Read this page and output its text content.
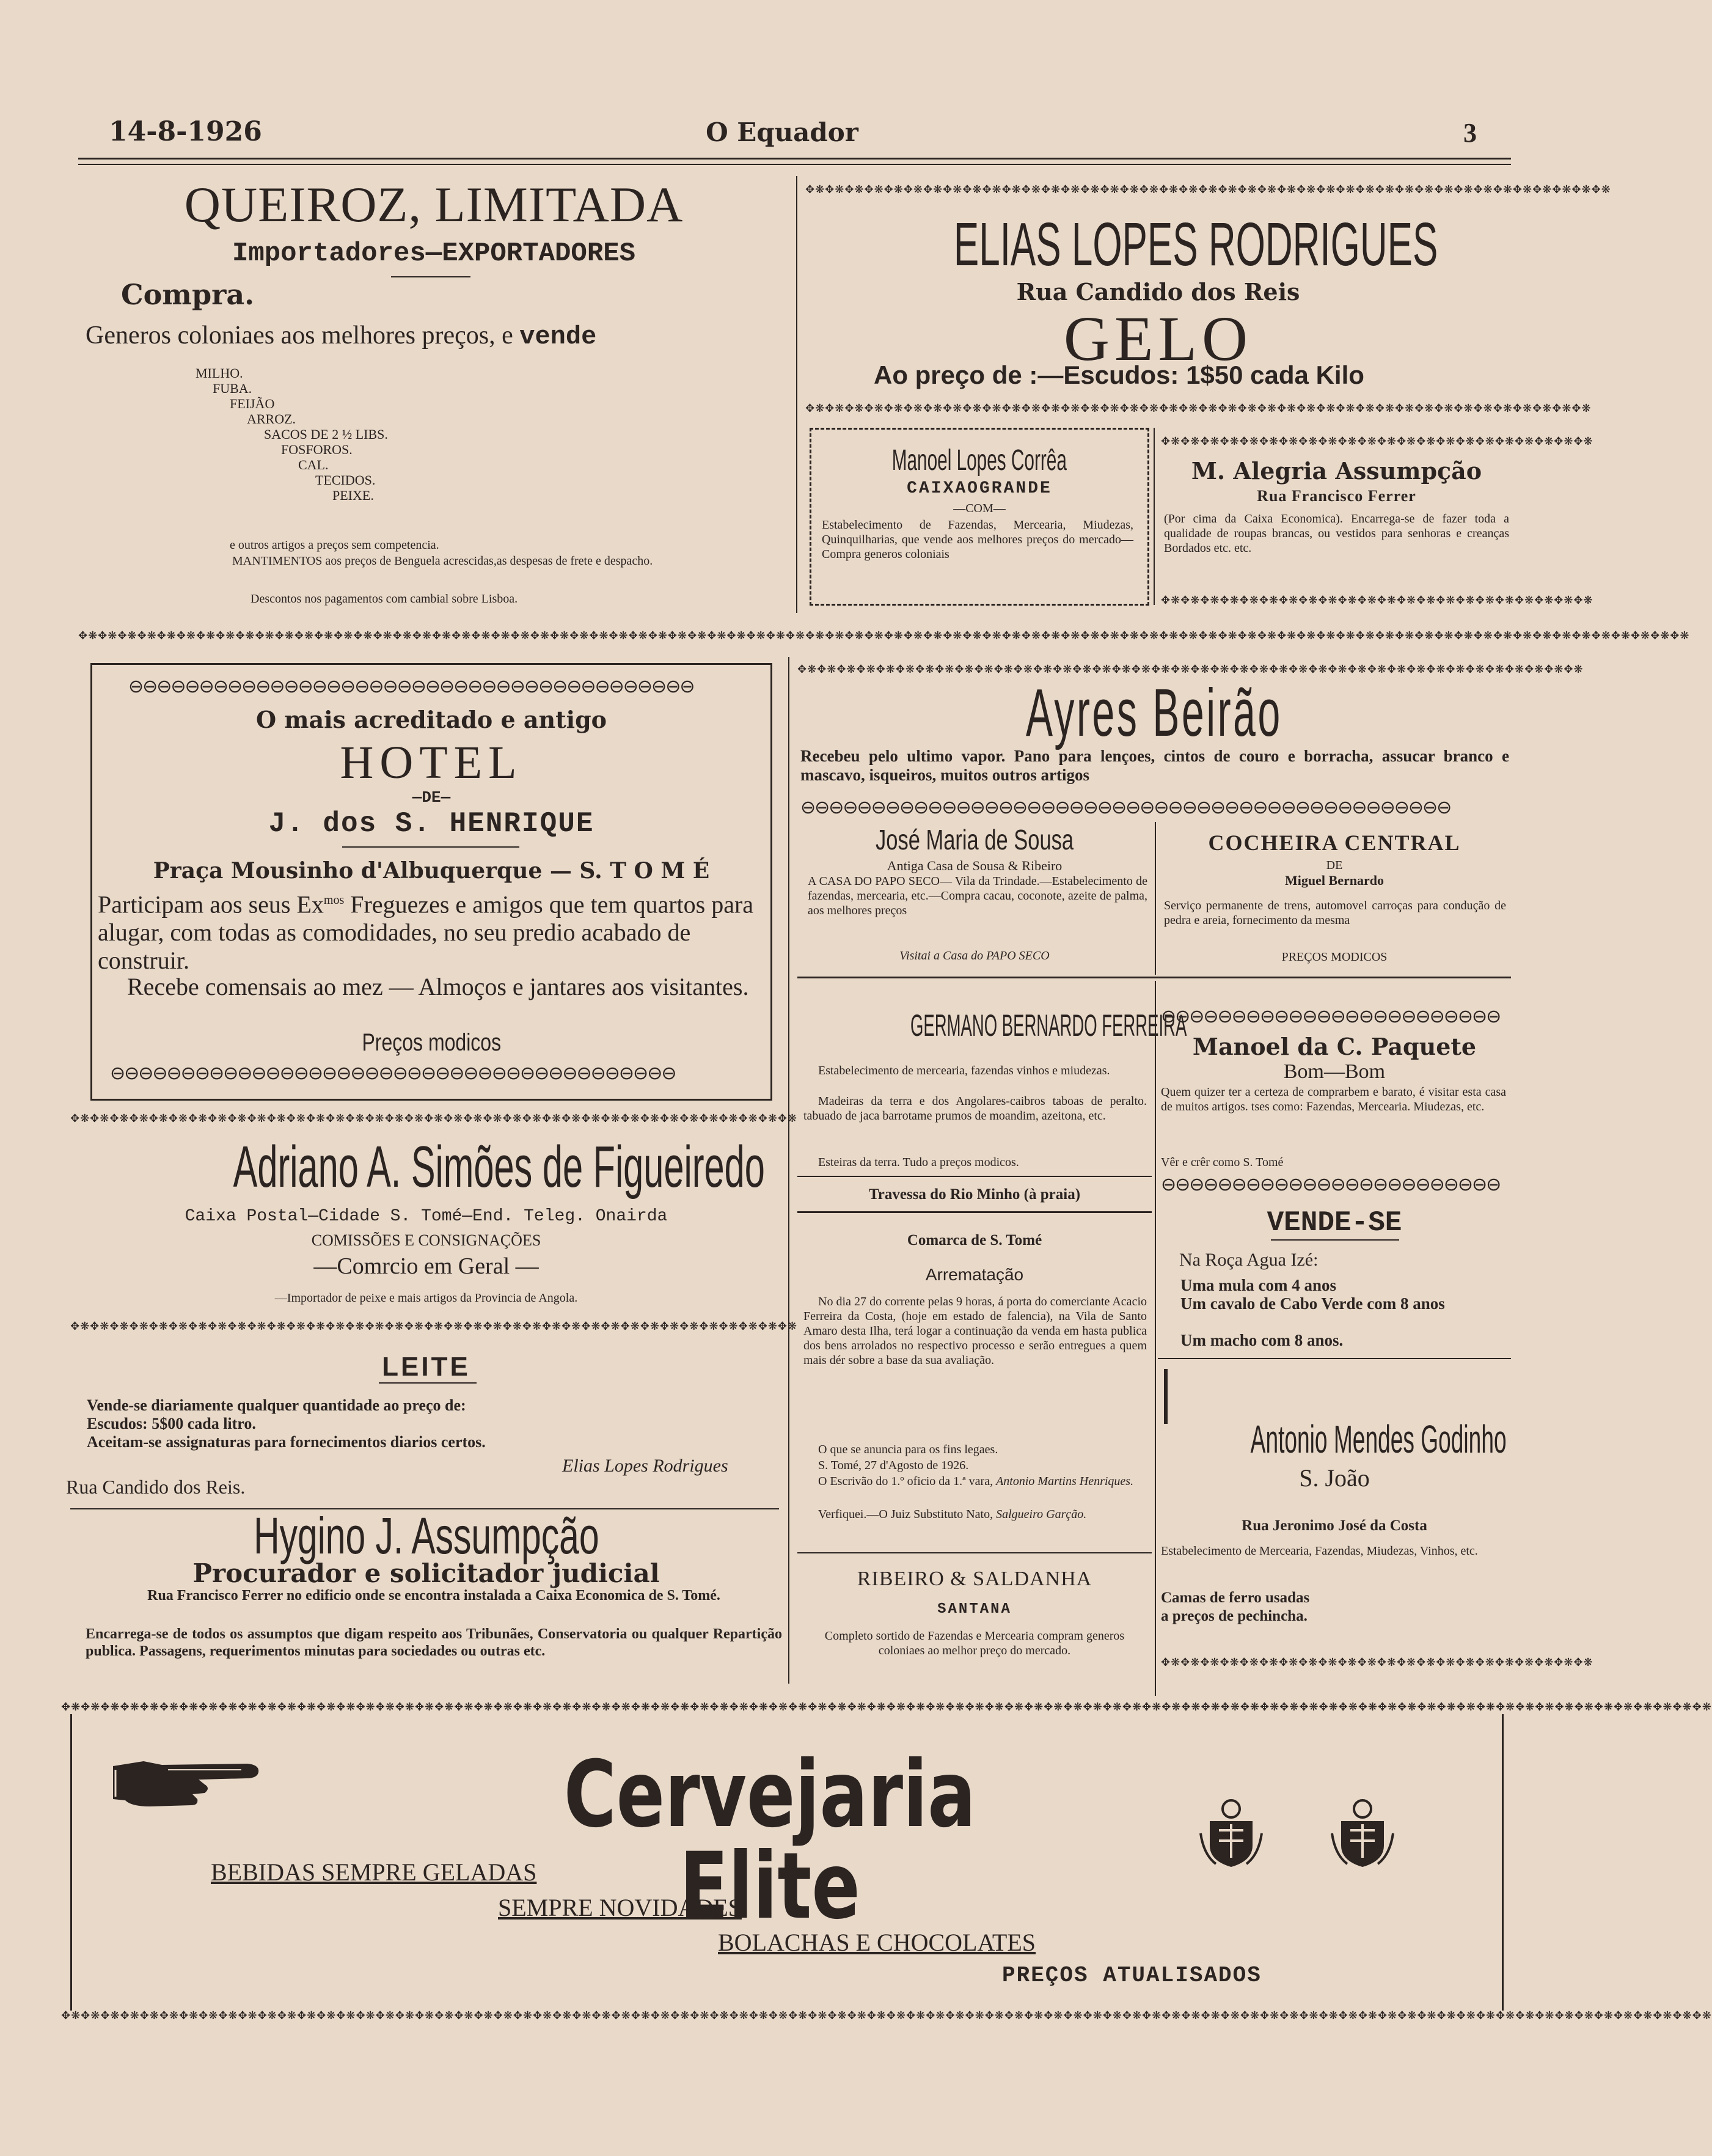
14-8-1926	O Equador	3
QUEIROZ, LIMITADA
Importadores—EXPORTADORES
Compra.
Generos coloniaes aos melhores preços, e vende
MILHO.
FUBA.
FEIJÃO
ARROZ.
SACOS DE 2 ½ LIBS.
FOSFOROS.
CAL.
TECIDOS.
PEIXE.
e outros artigos a preços sem competencia.
MANTIMENTOS aos preços de Benguela acrescidas,as despesas de frete e despacho.
Descontos nos pagamentos com cambial sobre Lisboa.
✥❋✥❋✥❋✥❋✥❋✥❋✥❋✥❋✥❋✥❋✥❋✥❋✥❋✥❋✥❋✥❋✥❋✥❋✥❋✥❋✥❋✥❋✥❋✥❋✥❋✥❋✥❋✥❋✥❋✥❋✥❋✥❋✥❋✥❋✥❋✥❋✥❋✥❋✥❋✥❋✥❋
ELIAS LOPES RODRIGUES
Rua Candido dos Reis
GELO
Ao preço de :—Escudos: 1$50 cada Kilo
✥❋✥❋✥❋✥❋✥❋✥❋✥❋✥❋✥❋✥❋✥❋✥❋✥❋✥❋✥❋✥❋✥❋✥❋✥❋✥❋✥❋✥❋✥❋✥❋✥❋✥❋✥❋✥❋✥❋✥❋✥❋✥❋✥❋✥❋✥❋✥❋✥❋✥❋✥❋✥❋
Manoel Lopes Corrêa
CAIXAOGRANDE
—COM—
Estabelecimento de Fazendas, Mercearia, Miudezas, Quinquilharias, que vende aos melhores preços do mercado—Compra generos coloniais
✥❋✥❋✥❋✥❋✥❋✥❋✥❋✥❋✥❋✥❋✥❋✥❋✥❋✥❋✥❋✥❋✥❋✥❋✥❋✥❋✥❋✥❋
M. Alegria Assumpção
Rua Francisco Ferrer
(Por cima da Caixa Economica). Encarrega-se de fazer toda a qualidade de roupas brancas, ou vestidos para senhoras e creanças Bordados etc. etc.
✥❋✥❋✥❋✥❋✥❋✥❋✥❋✥❋✥❋✥❋✥❋✥❋✥❋✥❋✥❋✥❋✥❋✥❋✥❋✥❋✥❋✥❋
✥❋✥❋✥❋✥❋✥❋✥❋✥❋✥❋✥❋✥❋✥❋✥❋✥❋✥❋✥❋✥❋✥❋✥❋✥❋✥❋✥❋✥❋✥❋✥❋✥❋✥❋✥❋✥❋✥❋✥❋✥❋✥❋✥❋✥❋✥❋✥❋✥❋✥❋✥❋✥❋✥❋✥❋✥❋✥❋✥❋✥❋✥❋✥❋✥❋✥❋✥❋✥❋✥❋✥❋✥❋✥❋✥❋✥❋✥❋✥❋✥❋✥❋✥❋✥❋✥❋✥❋✥❋✥❋✥❋✥❋✥❋✥❋✥❋✥❋✥❋✥❋✥❋✥❋✥❋✥❋✥❋✥❋
⊖⊖⊖⊖⊖⊖⊖⊖⊖⊖⊖⊖⊖⊖⊖⊖⊖⊖⊖⊖⊖⊖⊖⊖⊖⊖⊖⊖⊖⊖⊖⊖⊖⊖⊖⊖⊖⊖⊖⊖
O mais acreditado e antigo
HOTEL
—DE—
J. dos S. HENRIQUE
Praça Mousinho d'Albuquerque — S. T O M É
Participam aos seus $Ex^{mos}$ Freguezes e amigos que tem quartos para alugar, com todas as comodidades, no seu predio acabado de construir.
Recebe comensais ao mez — Almoços e jantares aos visitantes.
Preços modicos
⊖⊖⊖⊖⊖⊖⊖⊖⊖⊖⊖⊖⊖⊖⊖⊖⊖⊖⊖⊖⊖⊖⊖⊖⊖⊖⊖⊖⊖⊖⊖⊖⊖⊖⊖⊖⊖⊖⊖⊖
✥❋✥❋✥❋✥❋✥❋✥❋✥❋✥❋✥❋✥❋✥❋✥❋✥❋✥❋✥❋✥❋✥❋✥❋✥❋✥❋✥❋✥❋✥❋✥❋✥❋✥❋✥❋✥❋✥❋✥❋✥❋✥❋✥❋✥❋✥❋✥❋✥❋
Adriano A. Simões de Figueiredo
Caixa Postal—Cidade S. Tomé—End. Teleg. Onairda
COMISSÕES E CONSIGNAÇÕES
—Comrcio em Geral —
—Importador de peixe e mais artigos da Provincia de Angola.
✥❋✥❋✥❋✥❋✥❋✥❋✥❋✥❋✥❋✥❋✥❋✥❋✥❋✥❋✥❋✥❋✥❋✥❋✥❋✥❋✥❋✥❋✥❋✥❋✥❋✥❋✥❋✥❋✥❋✥❋✥❋✥❋✥❋✥❋✥❋✥❋✥❋
LEITE
Vende-se diariamente qualquer quantidade ao preço de:
Escudos: 5$00 cada litro.
Aceitam-se assignaturas para fornecimentos diarios certos.
Elias Lopes Rodrigues
Rua Candido dos Reis.
Hygino J. Assumpção
Procurador e solicitador judicial
Rua Francisco Ferrer no edificio onde se encontra instalada a Caixa Economica de S. Tomé.
Encarrega-se de todos os assumptos que digam respeito aos Tribunães, Conservatoria ou qualquer Repartição publica. Passagens, requerimentos minutas para sociedades ou outras etc.
✥❋✥❋✥❋✥❋✥❋✥❋✥❋✥❋✥❋✥❋✥❋✥❋✥❋✥❋✥❋✥❋✥❋✥❋✥❋✥❋✥❋✥❋✥❋✥❋✥❋✥❋✥❋✥❋✥❋✥❋✥❋✥❋✥❋✥❋✥❋✥❋✥❋✥❋✥❋✥❋
Ayres Beirão
Recebeu pelo ultimo vapor. Pano para lençoes, cintos de couro e borracha, assucar branco e mascavo, isqueiros, muitos outros artigos
⊖⊖⊖⊖⊖⊖⊖⊖⊖⊖⊖⊖⊖⊖⊖⊖⊖⊖⊖⊖⊖⊖⊖⊖⊖⊖⊖⊖⊖⊖⊖⊖⊖⊖⊖⊖⊖⊖⊖⊖⊖⊖⊖⊖⊖⊖
José Maria de Sousa
Antiga Casa de Sousa & Ribeiro
A CASA DO PAPO SECO— Vila da Trindade.—Estabelecimento de fazendas, mercearia, etc.—Compra cacau, coconote, azeite de palma, aos melhores preços
Visitai a Casa do PAPO SECO
COCHEIRA CENTRAL
DE
Miguel Bernardo
Serviço permanente de trens, automovel carroças para condução de pedra e areia, fornecimento da mesma
PREÇOS MODICOS
GERMANO BERNARDO FERREIRA
Estabelecimento de mercearia, fazendas vinhos e miudezas.
Madeiras da terra e dos Angolares-caibros taboas de peralto. tabuado de jaca barrotame prumos de moandim, azeitona, etc.
Esteiras da terra. Tudo a preços modicos.
Travessa do Rio Minho (à praia)
⊖⊖⊖⊖⊖⊖⊖⊖⊖⊖⊖⊖⊖⊖⊖⊖⊖⊖⊖⊖⊖⊖⊖⊖
Manoel da C. Paquete
Bom—Bom
Quem quizer ter a certeza de comprarbem e barato, é visitar esta casa de muitos artigos. tses como: Fazendas, Mercearia. Miudezas, etc.
Vêr e crêr como S. Tomé
⊖⊖⊖⊖⊖⊖⊖⊖⊖⊖⊖⊖⊖⊖⊖⊖⊖⊖⊖⊖⊖⊖⊖⊖
VENDE-SE
Na Roça Agua Izé:
Uma mula com 4 anos
Um cavalo de Cabo Verde com 8 anos
Um macho com 8 anos.
Comarca de S. Tomé
Arrematação
No dia 27 do corrente pelas 9 horas, á porta do comerciante Acacio Ferreira da Costa, (hoje em estado de falencia), na Vila de Santo Amaro desta Ilha, terá logar a continuação da venda em hasta publica dos bens arrolados no respectivo processo e serão entregues a quem mais dér sobre a base da sua avaliação.
O que se anuncia para os fins legaes.
S. Tomé, 27 d'Agosto de 1926.
O Escrivão do 1.º oficio da 1.ª vara, Antonio Martins Henriques.
Verfiquei.—O Juiz Substituto Nato, Salgueiro Garção.
RIBEIRO & SALDANHA
SANTANA
Completo sortido de Fazendas e Mercearia compram generos coloniaes ao melhor preço do mercado.
Antonio Mendes Godinho
S. João
Rua Jeronimo José da Costa
Estabelecimento de Mercearia, Fazendas, Miudezas, Vinhos, etc.
Camas de ferro usadas
a preços de pechincha.
✥❋✥❋✥❋✥❋✥❋✥❋✥❋✥❋✥❋✥❋✥❋✥❋✥❋✥❋✥❋✥❋✥❋✥❋✥❋✥❋✥❋✥❋
✥❋✥❋✥❋✥❋✥❋✥❋✥❋✥❋✥❋✥❋✥❋✥❋✥❋✥❋✥❋✥❋✥❋✥❋✥❋✥❋✥❋✥❋✥❋✥❋✥❋✥❋✥❋✥❋✥❋✥❋✥❋✥❋✥❋✥❋✥❋✥❋✥❋✥❋✥❋✥❋✥❋✥❋✥❋✥❋✥❋✥❋✥❋✥❋✥❋✥❋✥❋✥❋✥❋✥❋✥❋✥❋✥❋✥❋✥❋✥❋✥❋✥❋✥❋✥❋✥❋✥❋✥❋✥❋✥❋✥❋✥❋✥❋✥❋✥❋✥❋✥❋✥❋✥❋✥❋✥❋✥❋✥❋✥❋✥❋
✥❋✥❋✥❋✥❋✥❋✥❋✥❋✥❋✥❋✥❋✥❋✥❋✥❋✥❋✥❋✥❋✥❋✥❋✥❋✥❋✥❋✥❋✥❋✥❋✥❋✥❋✥❋✥❋✥❋✥❋✥❋✥❋✥❋✥❋✥❋✥❋✥❋✥❋✥❋✥❋✥❋✥❋✥❋✥❋✥❋✥❋✥❋✥❋✥❋✥❋✥❋✥❋✥❋✥❋✥❋✥❋✥❋✥❋✥❋✥❋✥❋✥❋✥❋✥❋✥❋✥❋✥❋✥❋✥❋✥❋✥❋✥❋✥❋✥❋✥❋✥❋✥❋✥❋✥❋✥❋✥❋✥❋✥❋✥❋
Cervejaria Elite
BEBIDAS SEMPRE GELADAS
SEMPRE NOVIDADES
BOLACHAS E CHOCOLATES
PREÇOS ATUALISADOS
